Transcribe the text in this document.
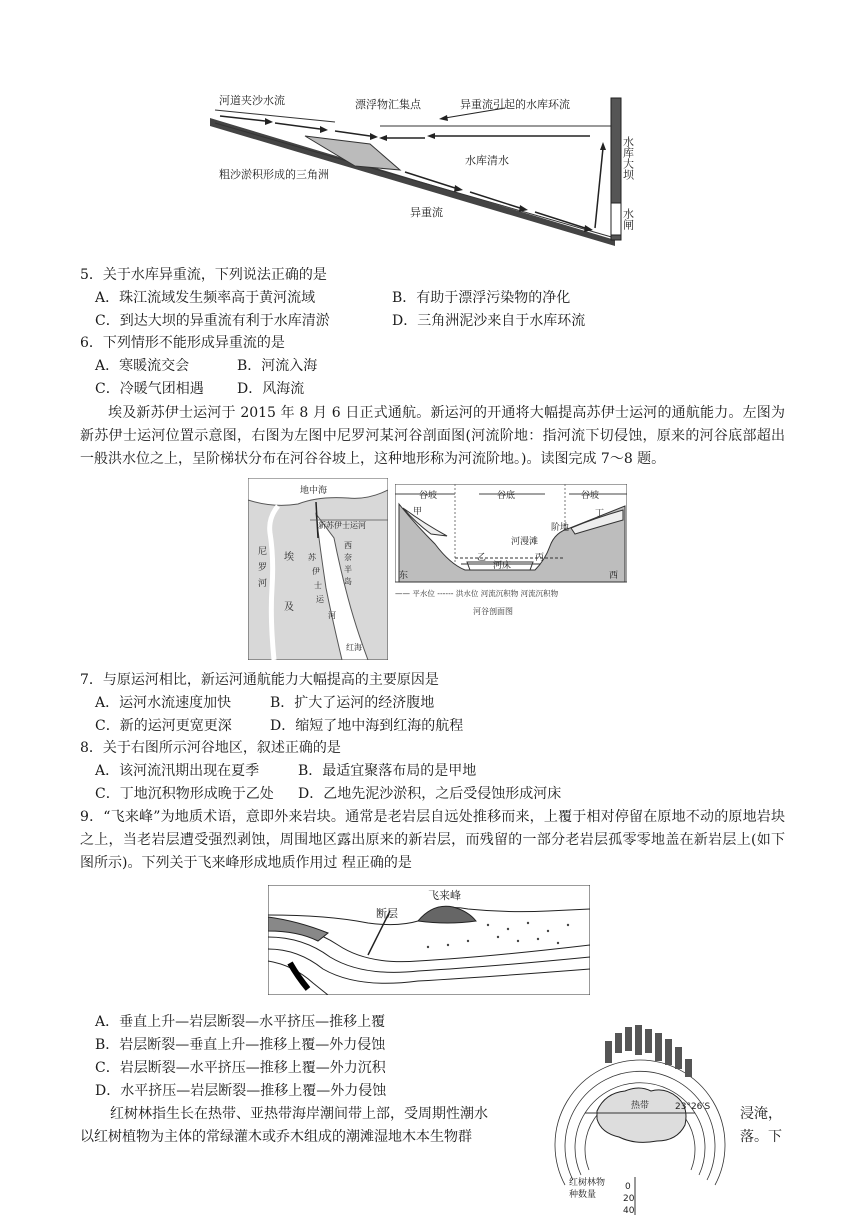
河道夹沙水流	漂浮物汇集点	异重流引起的水库环流
粗沙淤积形成的三角洲
水库清水
异重流
水库大坝
水闸
5．关于水库异重流，下列说法正确的是
A．珠江流域发生频率高于黄河流域	B．有助于漂浮污染物的净化
C．到达大坝的异重流有利于水库清淤	D．三角洲泥沙来自于水库环流
6．下列情形不能形成异重流的是
A．寒暖流交会	B．河流入海
C．冷暖气团相遇 D．风海流
埃及新苏伊士运河于 2015 年 8 月 6 日正式通航。新运河的开通将大幅提高苏伊士运河的通航能力。左图为新苏伊士运河位置示意图，右图为左图中尼罗河某河谷剖面图(河流阶地：指河流下切侵蚀，原来的河谷底部超出一般洪水位之上，呈阶梯状分布在河谷谷坡上，这种地形称为河流阶地。)。读图完成 7～8 题。
地中海
新苏伊士运河
尼
罗
河
埃
及
苏
伊
士
运
河
西
奈
半
岛
红海
谷坡	谷底	谷坡
甲
乙	丙
丁
阶地
河漫滩
河床
东	西
—— 平水位 ------ 洪水位 河流沉积物 河流沉积物
河谷剖面图
7．与原运河相比，新运河通航能力大幅提高的主要原因是
A．运河水流速度加快	B．扩大了运河的经济腹地
C．新的运河更宽更深	D．缩短了地中海到红海的航程
8．关于右图所示河谷地区，叙述正确的是
A．该河流汛期出现在夏季	B．最适宜聚落布局的是甲地
C．丁地沉积物形成晚于乙处 D．乙地先泥沙淤积，之后受侵蚀形成河床
9．“飞来峰”为地质术语，意即外来岩块。通常是老岩层自远处推移而来，上覆于相对停留在原地不动的原地岩块之上，当老岩层遭受强烈剥蚀，周围地区露出原来的新岩层，而残留的一部分老岩层孤零零地盖在新岩层上(如下图所示)。下列关于飞来峰形成地质作用过 程正确的是
飞来峰
断层
A．垂直上升—岩层断裂—水平挤压—推移上覆
B．岩层断裂—垂直上升—推移上覆—外力侵蚀
C．岩层断裂—水平挤压—推移上覆—外力沉积
D．水平挤压—岩层断裂—推移上覆—外力侵蚀
红树林指生长在热带、亚热带海岸潮间带上部，受周期性潮水	浸淹，
以红树植物为主体的常绿灌木或乔木组成的潮滩湿地木本生物群	落。下
热带	23°26′S
红树林物
种数量
0
20
40
